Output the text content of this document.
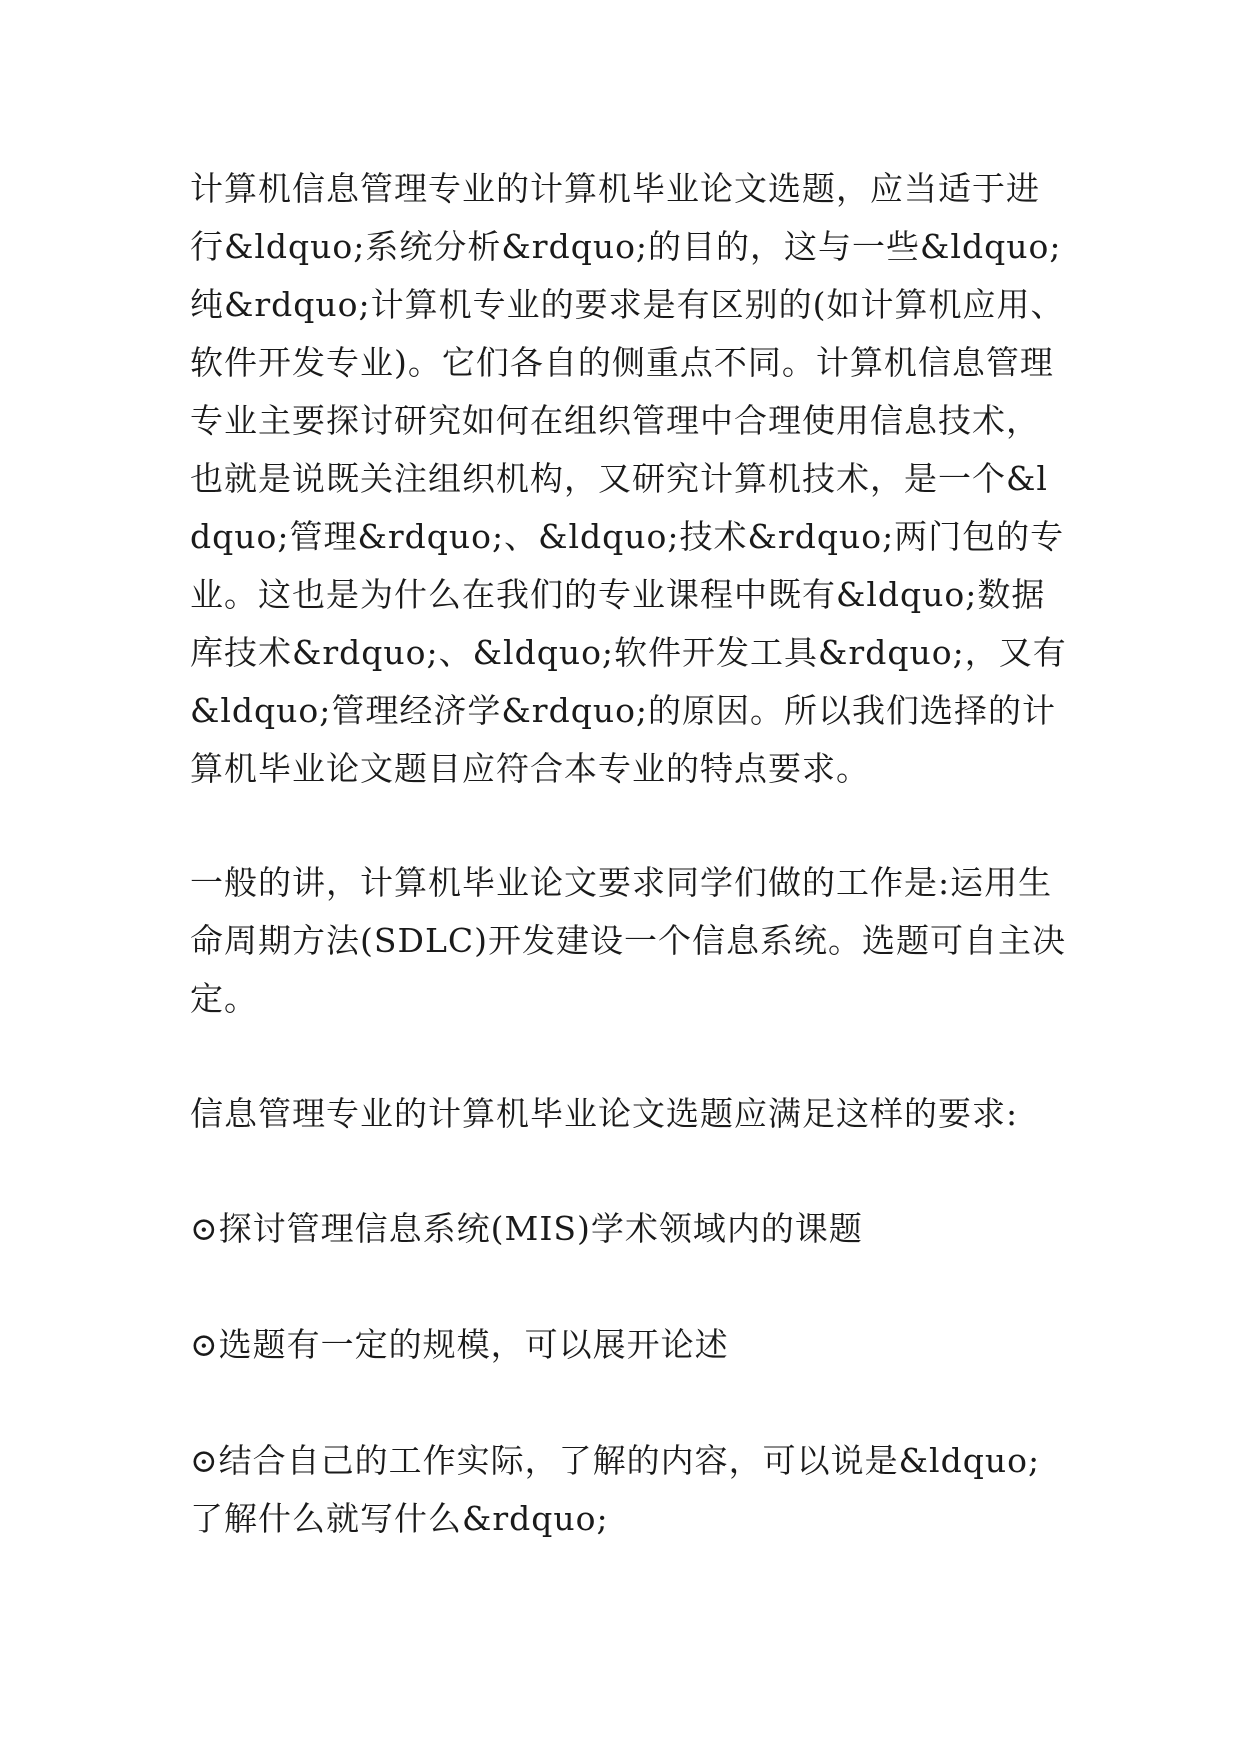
计算机信息管理专业的计算机毕业论文选题，应当适于进行&ldquo;系统分析&rdquo;的目的，这与一些&ldquo;纯&rdquo;计算机专业的要求是有区别的(如计算机应用、软件开发专业)。它们各自的侧重点不同。计算机信息管理专业主要探讨研究如何在组织管理中合理使用信息技术，也就是说既关注组织机构，又研究计算机技术，是一个&ldquo;管理&rdquo;、&ldquo;技术&rdquo;两门包的专业。这也是为什么在我们的专业课程中既有&ldquo;数据库技术&rdquo;、&ldquo;软件开发工具&rdquo;，又有&ldquo;管理经济学&rdquo;的原因。所以我们选择的计算机毕业论文题目应符合本专业的特点要求。

一般的讲，计算机毕业论文要求同学们做的工作是:运用生命周期方法(SDLC)开发建设一个信息系统。选题可自主决定。

信息管理专业的计算机毕业论文选题应满足这样的要求:

⊙探讨管理信息系统(MIS)学术领域内的课题

⊙选题有一定的规模，可以展开论述

⊙结合自己的工作实际，了解的内容，可以说是&ldquo;了解什么就写什么&rdquo;
